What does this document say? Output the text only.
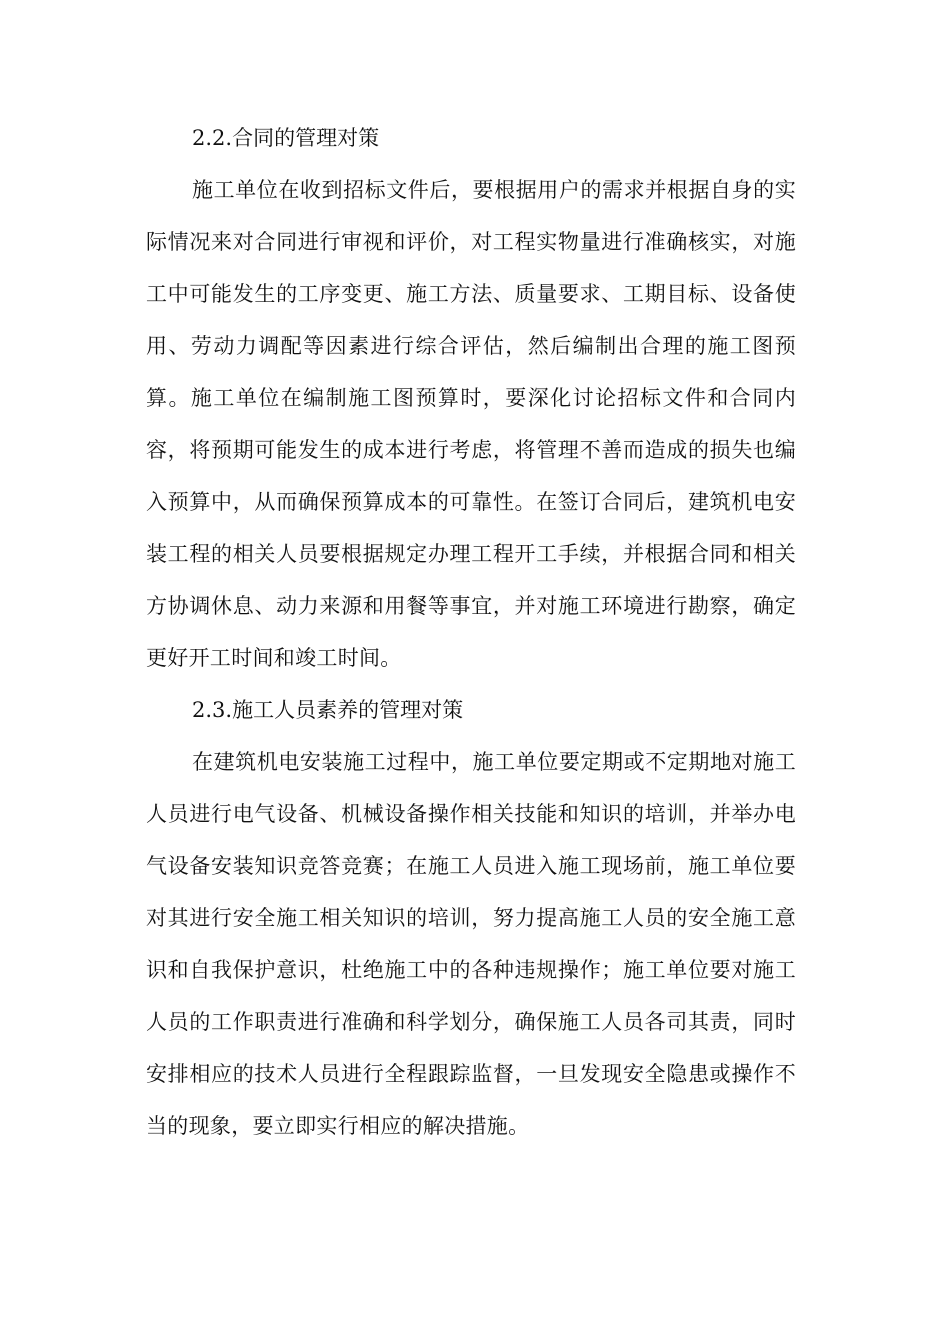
2.2.合同的管理对策

施工单位在收到招标文件后，要根据用户的需求并根据自身的实际情况来对合同进行审视和评价，对工程实物量进行准确核实，对施工中可能发生的工序变更、施工方法、质量要求、工期目标、设备使用、劳动力调配等因素进行综合评估，然后编制出合理的施工图预算。施工单位在编制施工图预算时，要深化讨论招标文件和合同内容，将预期可能发生的成本进行考虑，将管理不善而造成的损失也编入预算中，从而确保预算成本的可靠性。在签订合同后，建筑机电安装工程的相关人员要根据规定办理工程开工手续，并根据合同和相关方协调休息、动力来源和用餐等事宜，并对施工环境进行勘察，确定更好开工时间和竣工时间。

2.3.施工人员素养的管理对策

在建筑机电安装施工过程中，施工单位要定期或不定期地对施工人员进行电气设备、机械设备操作相关技能和知识的培训，并举办电气设备安装知识竞答竞赛；在施工人员进入施工现场前，施工单位要对其进行安全施工相关知识的培训，努力提高施工人员的安全施工意识和自我保护意识，杜绝施工中的各种违规操作；施工单位要对施工人员的工作职责进行准确和科学划分，确保施工人员各司其责，同时安排相应的技术人员进行全程跟踪监督，一旦发现安全隐患或操作不当的现象，要立即实行相应的解决措施。
